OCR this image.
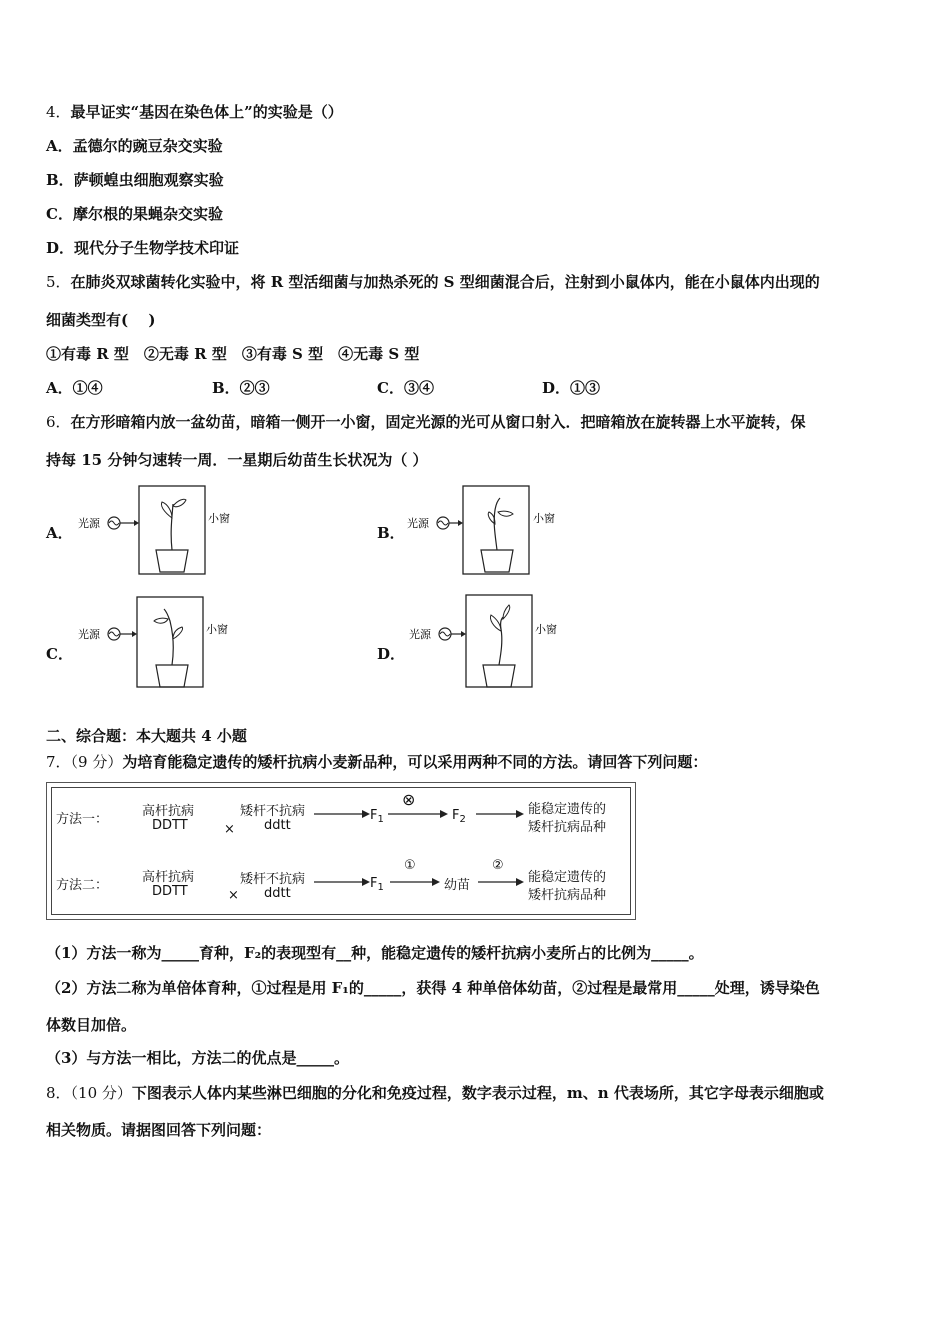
4．最早证实“基因在染色体上”的实验是（）
A．孟德尔的豌豆杂交实验
B．萨顿蝗虫细胞观察实验
C．摩尔根的果蝇杂交实验
D．现代分子生物学技术印证
5．在肺炎双球菌转化实验中，将 R 型活细菌与加热杀死的 S 型细菌混合后，注射到小鼠体内，能在小鼠体内出现的
细菌类型有(　 )
①有毒 R 型　②无毒 R 型　③有毒 S 型　④无毒 S 型
A．①④	B．②③	C．③④	D．①③
6．在方形暗箱内放一盆幼苗，暗箱一侧开一小窗，固定光源的光可从窗口射入．把暗箱放在旋转器上水平旋转，保
持每 15 分钟匀速转一周．一星期后幼苗生长状况为（ ）
A．
光源	小窗
B．
光源	小窗
C．
光源	小窗
D．
光源	小窗
二、综合题：本大题共 4 小题
7．（9 分）为培育能稳定遗传的矮杆抗病小麦新品种，可以采用两种不同的方法。请回答下列问题：
方法一：
高杆抗病
DDTT	×
矮杆不抗病
ddtt
$F_1$
⊗
$F_2$
能稳定遗传的
矮杆抗病品种
方法二：
高杆抗病
DDTT	×
矮杆不抗病
ddtt
$F_1$
①
幼苗
②
能稳定遗传的
矮杆抗病品种
（1）方法一称为_____育种，F₂的表现型有__种，能稳定遗传的矮杆抗病小麦所占的比例为_____。
（2）方法二称为单倍体育种，①过程是用 F₁的_____，获得 4 种单倍体幼苗，②过程是最常用_____处理，诱导染色
体数目加倍。
（3）与方法一相比，方法二的优点是_____。
8．（10 分）下图表示人体内某些淋巴细胞的分化和免疫过程，数字表示过程，m、n 代表场所，其它字母表示细胞或
相关物质。请据图回答下列问题：
